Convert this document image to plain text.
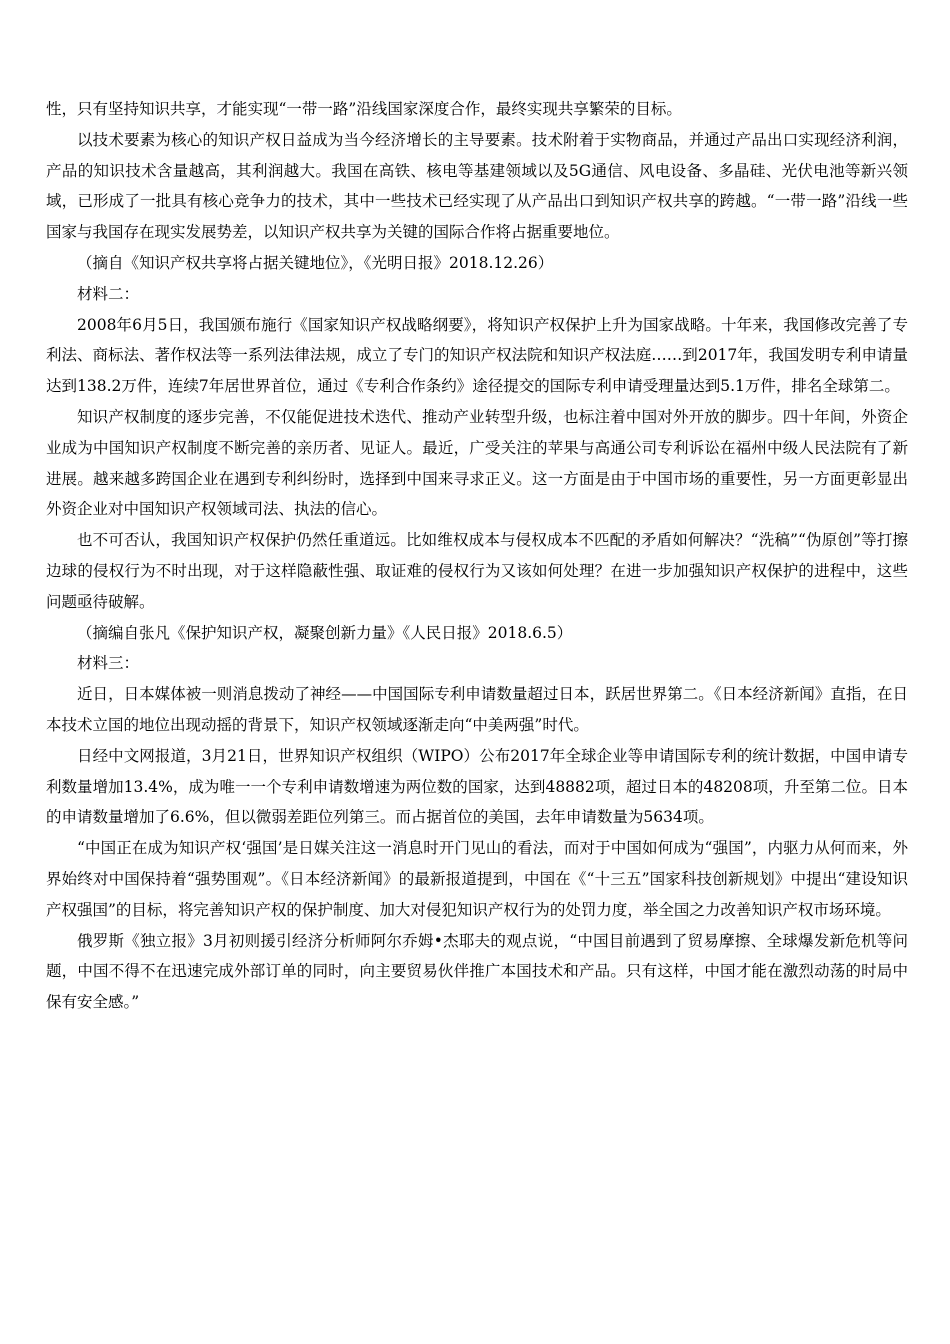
性，只有坚持知识共享，才能实现“一带一路”沿线国家深度合作，最终实现共享繁荣的目标。

以技术要素为核心的知识产权日益成为当今经济增长的主导要素。技术附着于实物商品，并通过产品出口实现经济利润，产品的知识技术含量越高，其利润越大。我国在高铁、核电等基建领域以及5G通信、风电设备、多晶硅、光伏电池等新兴领域，已形成了一批具有核心竞争力的技术，其中一些技术已经实现了从产品出口到知识产权共享的跨越。“一带一路”沿线一些国家与我国存在现实发展势差，以知识产权共享为关键的国际合作将占据重要地位。

（摘自《知识产权共享将占据关键地位》，《光明日报》2018.12.26）

材料二：

2008年6月5日，我国颁布施行《国家知识产权战略纲要》，将知识产权保护上升为国家战略。十年来，我国修改完善了专利法、商标法、著作权法等一系列法律法规，成立了专门的知识产权法院和知识产权法庭……到2017年，我国发明专利申请量达到138.2万件，连续7年居世界首位，通过《专利合作条约》途径提交的国际专利申请受理量达到5.1万件，排名全球第二。

知识产权制度的逐步完善，不仅能促进技术迭代、推动产业转型升级，也标注着中国对外开放的脚步。四十年间，外资企业成为中国知识产权制度不断完善的亲历者、见证人。最近，广受关注的苹果与高通公司专利诉讼在福州中级人民法院有了新进展。越来越多跨国企业在遇到专利纠纷时，选择到中国来寻求正义。这一方面是由于中国市场的重要性，另一方面更彰显出外资企业对中国知识产权领域司法、执法的信心。

也不可否认，我国知识产权保护仍然任重道远。比如维权成本与侵权成本不匹配的矛盾如何解决？“洗稿”“伪原创”等打擦边球的侵权行为不时出现，对于这样隐蔽性强、取证难的侵权行为又该如何处理？在进一步加强知识产权保护的进程中，这些问题亟待破解。

（摘编自张凡《保护知识产权，凝聚创新力量》《人民日报》2018.6.5）

材料三：

近日，日本媒体被一则消息拨动了神经——中国国际专利申请数量超过日本，跃居世界第二。《日本经济新闻》直指，在日本技术立国的地位出现动摇的背景下，知识产权领域逐渐走向“中美两强”时代。

日经中文网报道，3月21日，世界知识产权组织（WIPO）公布2017年全球企业等申请国际专利的统计数据，中国申请专利数量增加13.4%，成为唯一一个专利申请数增速为两位数的国家，达到48882项，超过日本的48208项，升至第二位。日本的申请数量增加了6.6%，但以微弱差距位列第三。而占据首位的美国，去年申请数量为5634项。

“中国正在成为知识产权‘强国’是日媒关注这一消息时开门见山的看法，而对于中国如何成为“强国”，内驱力从何而来，外界始终对中国保持着“强势围观”。《日本经济新闻》的最新报道提到，中国在《“十三五”国家科技创新规划》中提出“建设知识产权强国”的目标，将完善知识产权的保护制度、加大对侵犯知识产权行为的处罚力度，举全国之力改善知识产权市场环境。

俄罗斯《独立报》3月初则援引经济分析师阿尔乔姆•杰耶夫的观点说，“中国目前遇到了贸易摩擦、全球爆发新危机等问题，中国不得不在迅速完成外部订单的同时，向主要贸易伙伴推广本国技术和产品。只有这样，中国才能在激烈动荡的时局中保有安全感。”
